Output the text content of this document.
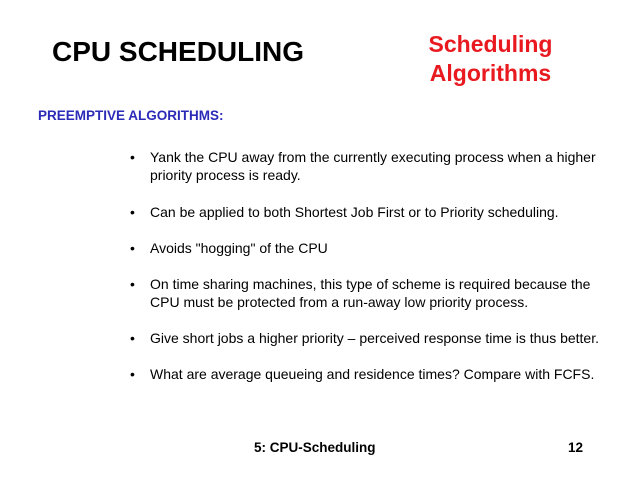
CPU SCHEDULING	Scheduling
Algorithms
PREEMPTIVE ALGORITHMS:
• Yank the CPU away from the currently executing process when a higher
priority process is ready.
• Can be applied to both Shortest Job First or to Priority scheduling.
• Avoids "hogging" of the CPU
• On time sharing machines, this type of scheme is required because the
CPU must be protected from a run-away low priority process.
• Give short jobs a higher priority – perceived response time is thus better.
• What are average queueing and residence times? Compare with FCFS.
5: CPU-Scheduling	12
